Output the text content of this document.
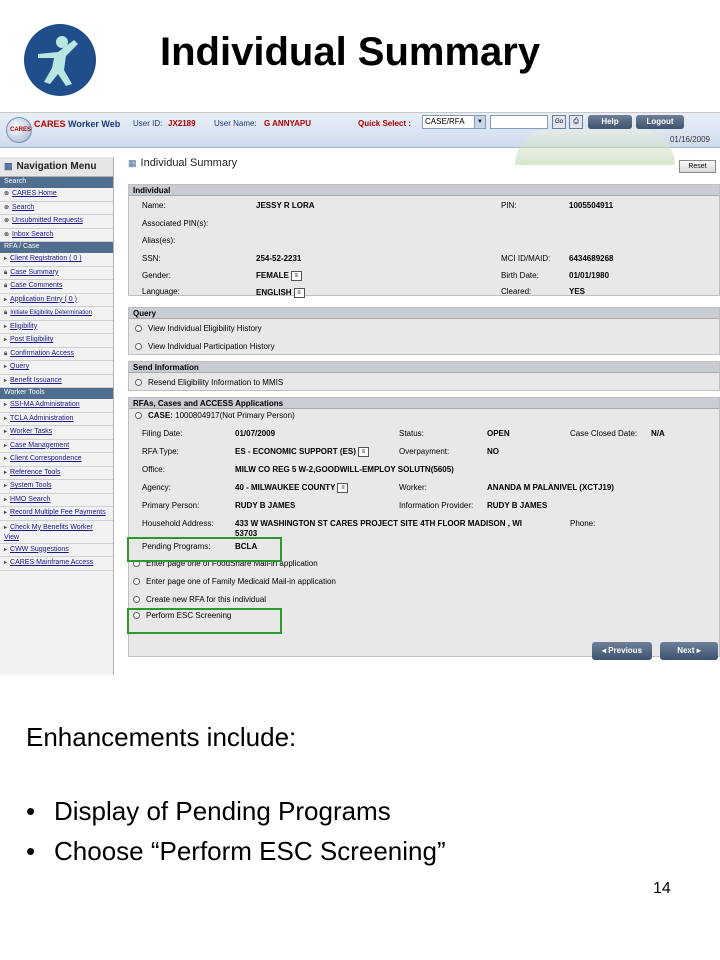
Individual Summary
CARES
CARES Worker Web User ID: JX2189 User Name: G ANNYAPU	Quick Select :	CASE/RFA	▼	Go	⎙	Help	Logout
01/16/2009
▦ Navigation Menu
Search
⊚ CARES Home
⊚ Search
⊚ Unsubmitted Requests
⊚ Inbox Search
RFA / Case
▸ Client Registration ( 0 )
🔒︎ Case Summary
🔒︎ Case Comments
▸ Application Entry ( 0 )
🔒︎ Initiate Eligibility Determination
▸ Eligibility
▸ Post Eligibility
🔒︎ Confirmation Access
▸ Query
▸ Benefit Issuance
Worker Tools
▸ SSI-MA Administration
▸ TCLA Administration
▸ Worker Tasks
▸ Case Management
▸ Client Correspondence
▸ Reference Tools
▸ System Tools
▸ HMO Search
▸ Record Multiple Fee Payments
▸ Check My Benefits Worker View
▸ CWW Suggestions
▸ CARES Mainframe Access
▦ Individual Summary	Reset
Individual
Name:	JESSY R LORA	PIN:	1005504911
Associated PIN(s):
Alias(es):
SSN:	254-52-2231	MCI ID/MAID: 6434689268
Gender:	FEMALE ≡	Birth Date:	01/01/1980
Language:	ENGLISH ≡	Cleared:	YES
Query
View Individual Eligibility History
View Individual Participation History
Send Information
Resend Eligibility Information to MMIS
RFAs, Cases and ACCESS Applications
CASE: 1000804917(Not Primary Person)
Filing Date:	01/07/2009	Status:	OPEN	Case Closed Date: N/A
RFA Type:	ES - ECONOMIC SUPPORT (ES) ≡	Overpayment:	NO
Office:	MILW CO REG 5 W-2,GOODWILL-EMPLOY SOLUTN(5605)
Agency:	40 - MILWAUKEE COUNTY ≡	Worker:	ANANDA M PALANIVEL (XCTJ19)
Primary Person:	RUDY B JAMES	Information Provider: RUDY B JAMES
Household Address:	433 W WASHINGTON ST CARES PROJECT SITE 4TH FLOOR MADISON , WI
53703
Phone:
Pending Programs:	BCLA
Enter page one of FoodShare Mail-in application
Enter page one of Family Medicaid Mail-in application
Create new RFA for this individual
Perform ESC Screening
◂ Previous	Next ▸
Enhancements include:
• Display of Pending Programs
• Choose “Perform ESC Screening”
14
